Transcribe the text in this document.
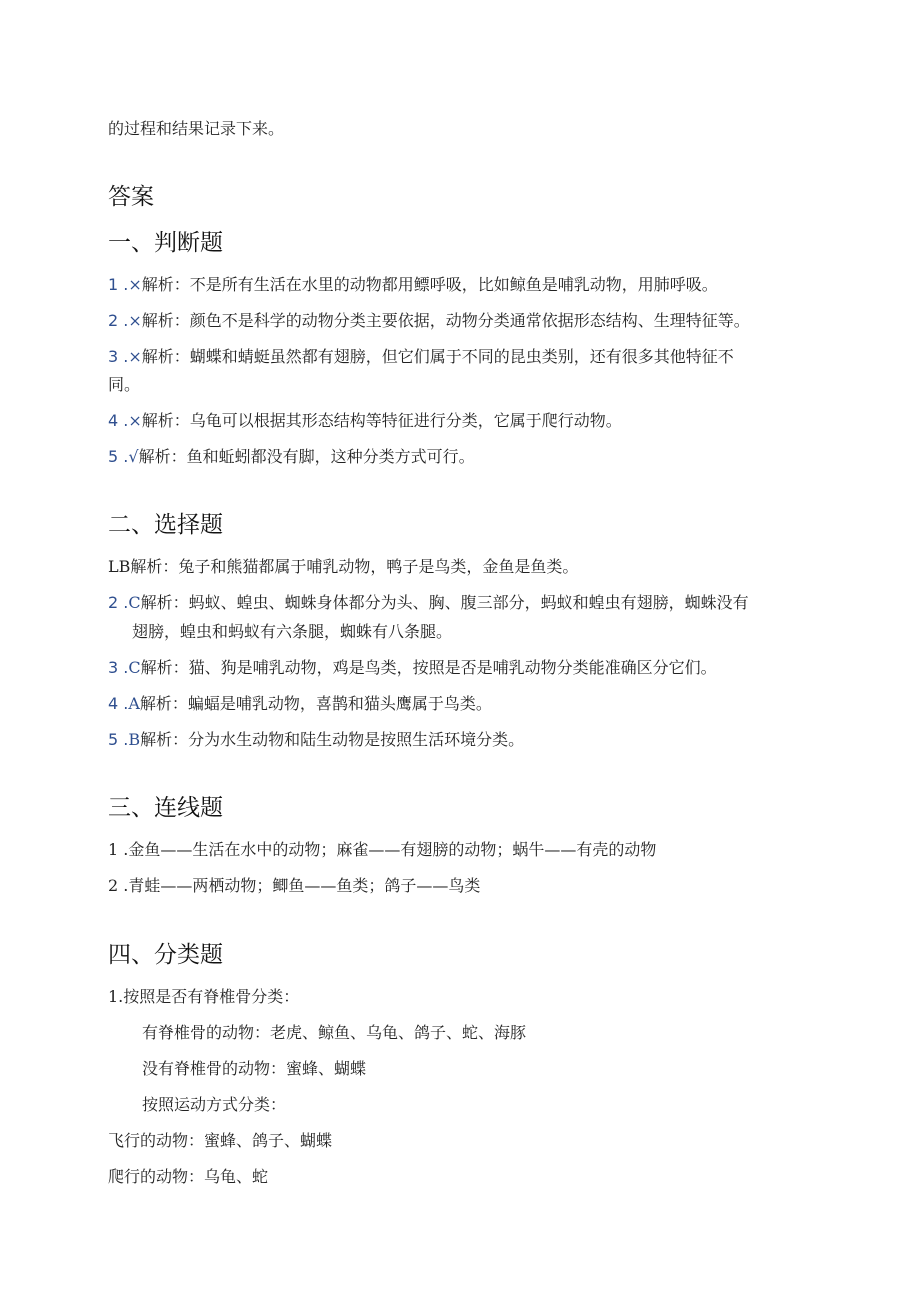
的过程和结果记录下来。
答案
一、判断题
1 .×解析：不是所有生活在水里的动物都用鳔呼吸，比如鲸鱼是哺乳动物，用肺呼吸。
2 .×解析：颜色不是科学的动物分类主要依据，动物分类通常依据形态结构、生理特征等。
3 .×解析：蝴蝶和蜻蜓虽然都有翅膀，但它们属于不同的昆虫类别，还有很多其他特征不
同。
4 .×解析：乌龟可以根据其形态结构等特征进行分类，它属于爬行动物。
5 .√解析：鱼和蚯蚓都没有脚，这种分类方式可行。
二、选择题
LB解析：兔子和熊猫都属于哺乳动物，鸭子是鸟类，金鱼是鱼类。
2 .C解析：蚂蚁、蝗虫、蜘蛛身体都分为头、胸、腹三部分，蚂蚁和蝗虫有翅膀，蜘蛛没有
翅膀，蝗虫和蚂蚁有六条腿，蜘蛛有八条腿。
3 .C解析：猫、狗是哺乳动物，鸡是鸟类，按照是否是哺乳动物分类能准确区分它们。
4 .A解析：蝙蝠是哺乳动物，喜鹊和猫头鹰属于鸟类。
5 .B解析：分为水生动物和陆生动物是按照生活环境分类。
三、连线题
1 .金鱼——生活在水中的动物；麻雀——有翅膀的动物；蜗牛——有壳的动物
2 .青蛙——两栖动物；鲫鱼——鱼类；鸽子——鸟类
四、分类题
1.按照是否有脊椎骨分类：
有脊椎骨的动物：老虎、鲸鱼、乌龟、鸽子、蛇、海豚
没有脊椎骨的动物：蜜蜂、蝴蝶
按照运动方式分类：
飞行的动物：蜜蜂、鸽子、蝴蝶
爬行的动物：乌龟、蛇
